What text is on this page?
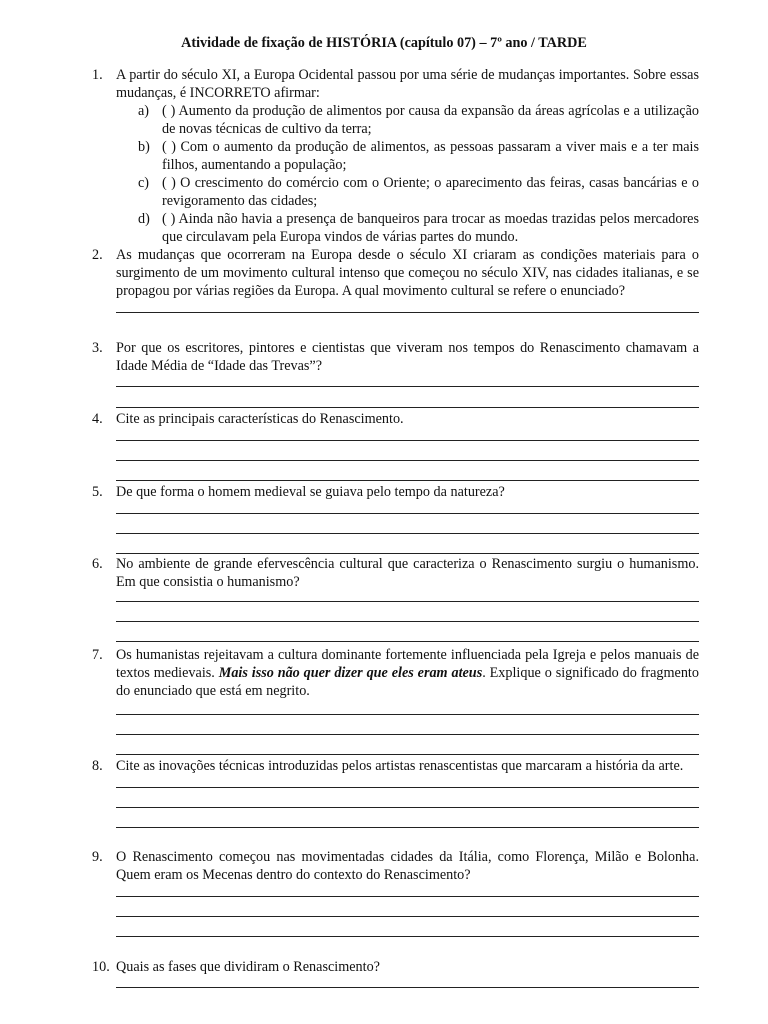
Atividade de fixação de HISTÓRIA (capítulo 07) – 7º ano / TARDE
1. A partir do século XI, a Europa Ocidental passou por uma série de mudanças importantes. Sobre essas mudanças, é INCORRETO afirmar:
a) ( ) Aumento da produção de alimentos por causa da expansão da áreas agrícolas e a utilização de novas técnicas de cultivo da terra;
b) ( ) Com o aumento da produção de alimentos, as pessoas passaram a viver mais e a ter mais filhos, aumentando a população;
c) ( ) O crescimento do comércio com o Oriente; o aparecimento das feiras, casas bancárias e o revigoramento das cidades;
d) ( ) Ainda não havia a presença de banqueiros para trocar as moedas trazidas pelos mercadores que circulavam pela Europa vindos de várias partes do mundo.
2. As mudanças que ocorreram na Europa desde o século XI criaram as condições materiais para o surgimento de um movimento cultural intenso que começou no século XIV, nas cidades italianas, e se propagou por várias regiões da Europa. A qual movimento cultural se refere o enunciado?
3. Por que os escritores, pintores e cientistas que viveram nos tempos do Renascimento chamavam a Idade Média de “Idade das Trevas”?
4. Cite as principais características do Renascimento.
5. De que forma o homem medieval se guiava pelo tempo da natureza?
6. No ambiente de grande efervescência cultural que caracteriza o Renascimento surgiu o humanismo. Em que consistia o humanismo?
7. Os humanistas rejeitavam a cultura dominante fortemente influenciada pela Igreja e pelos manuais de textos medievais. Mais isso não quer dizer que eles eram ateus. Explique o significado do fragmento do enunciado que está em negrito.
8. Cite as inovações técnicas introduzidas pelos artistas renascentistas que marcaram a história da arte.
9. O Renascimento começou nas movimentadas cidades da Itália, como Florença, Milão e Bolonha. Quem eram os Mecenas dentro do contexto do Renascimento?
10. Quais as fases que dividiram o Renascimento?
